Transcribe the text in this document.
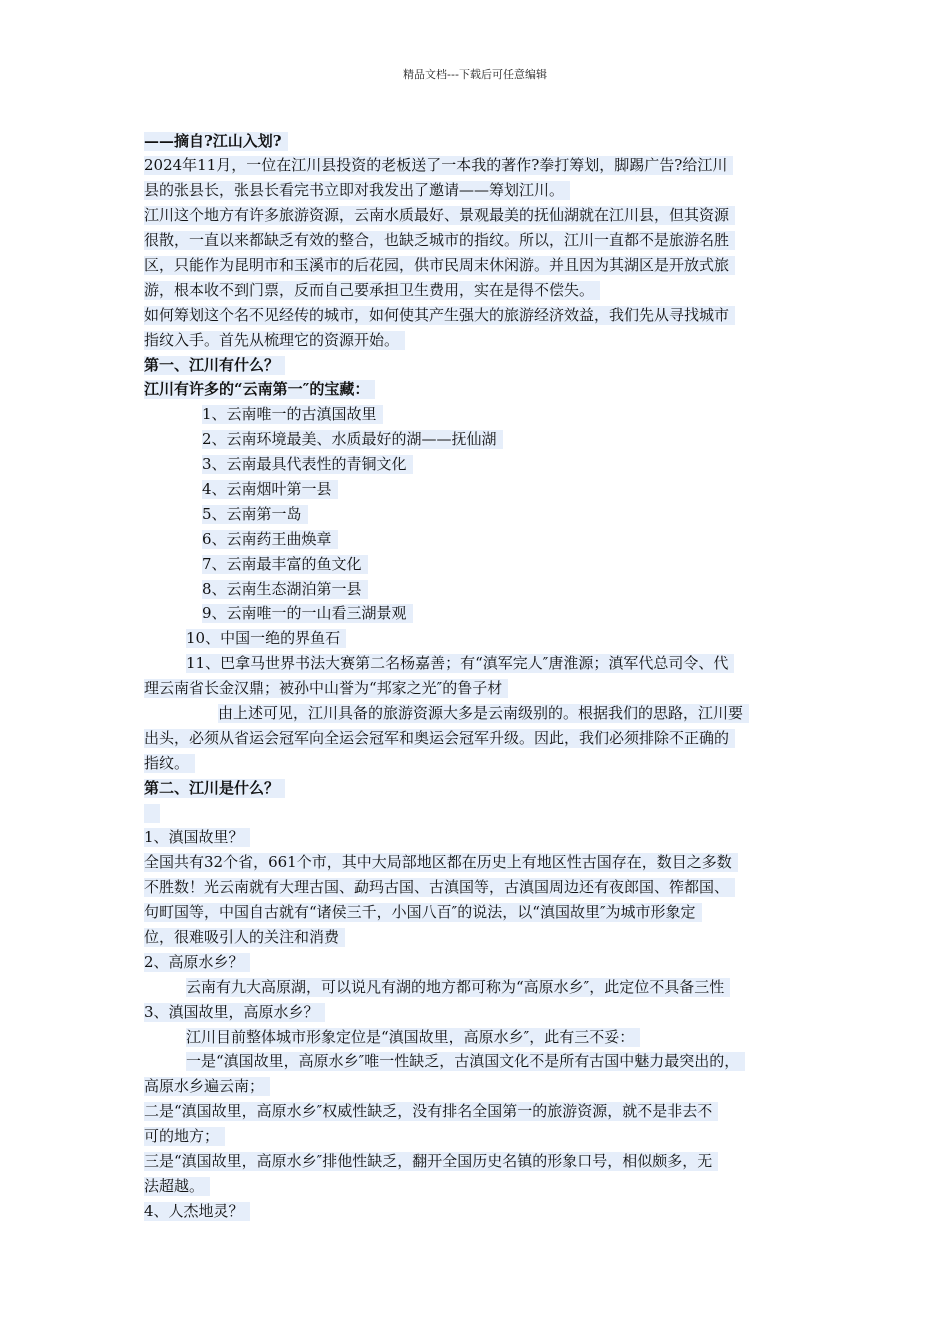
精品文档---下载后可任意编辑
——摘自?江山入划?
2024年11月，一位在江川县投资的老板送了一本我的著作?拳打筹划，脚踢广告?给江川
县的张县长，张县长看完书立即对我发出了邀请——筹划江川。
江川这个地方有许多旅游资源，云南水质最好、景观最美的抚仙湖就在江川县，但其资源
很散，一直以来都缺乏有效的整合，也缺乏城市的指纹。所以，江川一直都不是旅游名胜
区，只能作为昆明市和玉溪市的后花园，供市民周末休闲游。并且因为其湖区是开放式旅
游，根本收不到门票，反而自己要承担卫生费用，实在是得不偿失。
如何筹划这个名不见经传的城市，如何使其产生强大的旅游经济效益，我们先从寻找城市
指纹入手。首先从梳理它的资源开始。
第一、江川有什么？
江川有许多的“云南第一″的宝藏：
1、云南唯一的古滇国故里
2、云南环境最美、水质最好的湖——抚仙湖
3、云南最具代表性的青铜文化
4、云南烟叶第一县
5、云南第一岛
6、云南药王曲焕章
7、云南最丰富的鱼文化
8、云南生态湖泊第一县
9、云南唯一的一山看三湖景观
10、中国一绝的界鱼石
11、巴拿马世界书法大赛第二名杨嘉善；有“滇军完人″唐淮源；滇军代总司令、代
理云南省长金汉鼎；被孙中山誉为“邦家之光″的鲁子材
由上述可见，江川具备的旅游资源大多是云南级别的。根据我们的思路，江川要
出头，必须从省运会冠军向全运会冠军和奥运会冠军升级。因此，我们必须排除不正确的
指纹。
第二、江川是什么？
1、滇国故里？
全国共有32个省，661个市，其中大局部地区都在历史上有地区性古国存在，数目之多数
不胜数！光云南就有大理古国、勐玛古国、古滇国等，古滇国周边还有夜郎国、筰都国、
句町国等，中国自古就有“诸侯三千，小国八百″的说法，以“滇国故里″为城市形象定
位，很难吸引人的关注和消费
2、高原水乡？
云南有九大高原湖，可以说凡有湖的地方都可称为“高原水乡″，此定位不具备三性
3、滇国故里，高原水乡？
江川目前整体城市形象定位是“滇国故里，高原水乡″，此有三不妥：
一是“滇国故里，高原水乡″唯一性缺乏，古滇国文化不是所有古国中魅力最突出的，
高原水乡遍云南；
二是“滇国故里，高原水乡″权威性缺乏，没有排名全国第一的旅游资源，就不是非去不
可的地方；
三是“滇国故里，高原水乡″排他性缺乏，翻开全国历史名镇的形象口号，相似颇多，无
法超越。
4、人杰地灵？
